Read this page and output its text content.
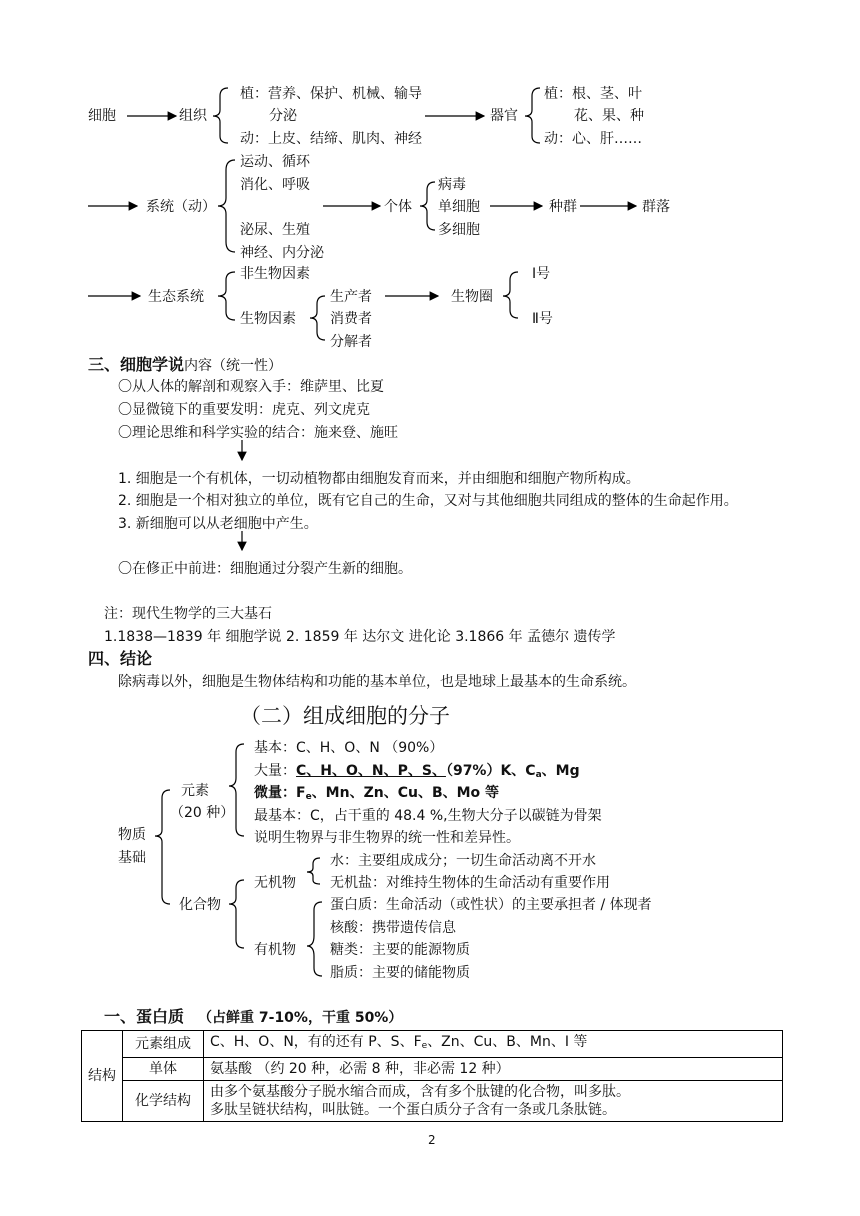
细胞	组织
植：营养、保护、机械、输导
分泌
动：上皮、结缔、肌肉、神经
器官
植：根、茎、叶
花、果、种
动：心、肝……
运动、循环
消化、呼吸
系统（动）
泌尿、生殖
神经、内分泌
个体
病毒
单细胞
多细胞
种群	群落
生态系统
非生物因素
生物因素
生产者
消费者
分解者
生物圈
Ⅰ号
Ⅱ号
三、细胞学说内容（统一性）
〇从人体的解剖和观察入手：维萨里、比夏
〇显微镜下的重要发明：虎克、列文虎克
〇理论思维和科学实验的结合：施来登、施旺
1. 细胞是一个有机体，一切动植物都由细胞发育而来，并由细胞和细胞产物所构成。
2. 细胞是一个相对独立的单位，既有它自己的生命，又对与其他细胞共同组成的整体的生命起作用。
3. 新细胞可以从老细胞中产生。
〇在修正中前进：细胞通过分裂产生新的细胞。
注：现代生物学的三大基石
1.1838—1839 年 细胞学说 2. 1859 年 达尔文 进化论 3.1866 年 孟德尔 遗传学
四、结论
除病毒以外，细胞是生物体结构和功能的基本单位，也是地球上最基本的生命系统。
（二）组成细胞的分子
物质
基础
元素
（20 种）
基本：C、H、O、N （90%）
大量：C、H、O、N、P、S、（97%）K、$C_a$、Mg
微量：$F_e$、Mn、Zn、Cu、B、Mo 等
最基本：C，占干重的 48.4 %,生物大分子以碳链为骨架
说明生物界与非生物界的统一性和差异性。
化合物
无机物
水：主要组成成分；一切生命活动离不开水
无机盐：对维持生物体的生命活动有重要作用
有机物
蛋白质：生命活动（或性状）的主要承担者 / 体现者
核酸：携带遗传信息
糖类：主要的能源物质
脂质：主要的储能物质
一、蛋白质 （占鲜重 7-10%，干重 50%）
结构	元素组成	C、H、O、N，有的还有 P、S、$F_e$、Zn、Cu、B、Mn、I 等
	单体	氨基酸 （约 20 种，必需 8 种，非必需 12 种）
	化学结构	由多个氨基酸分子脱水缩合而成，含有多个肽键的化合物，叫多肽。
多肽呈链状结构，叫肽链。一个蛋白质分子含有一条或几条肽链。
2
